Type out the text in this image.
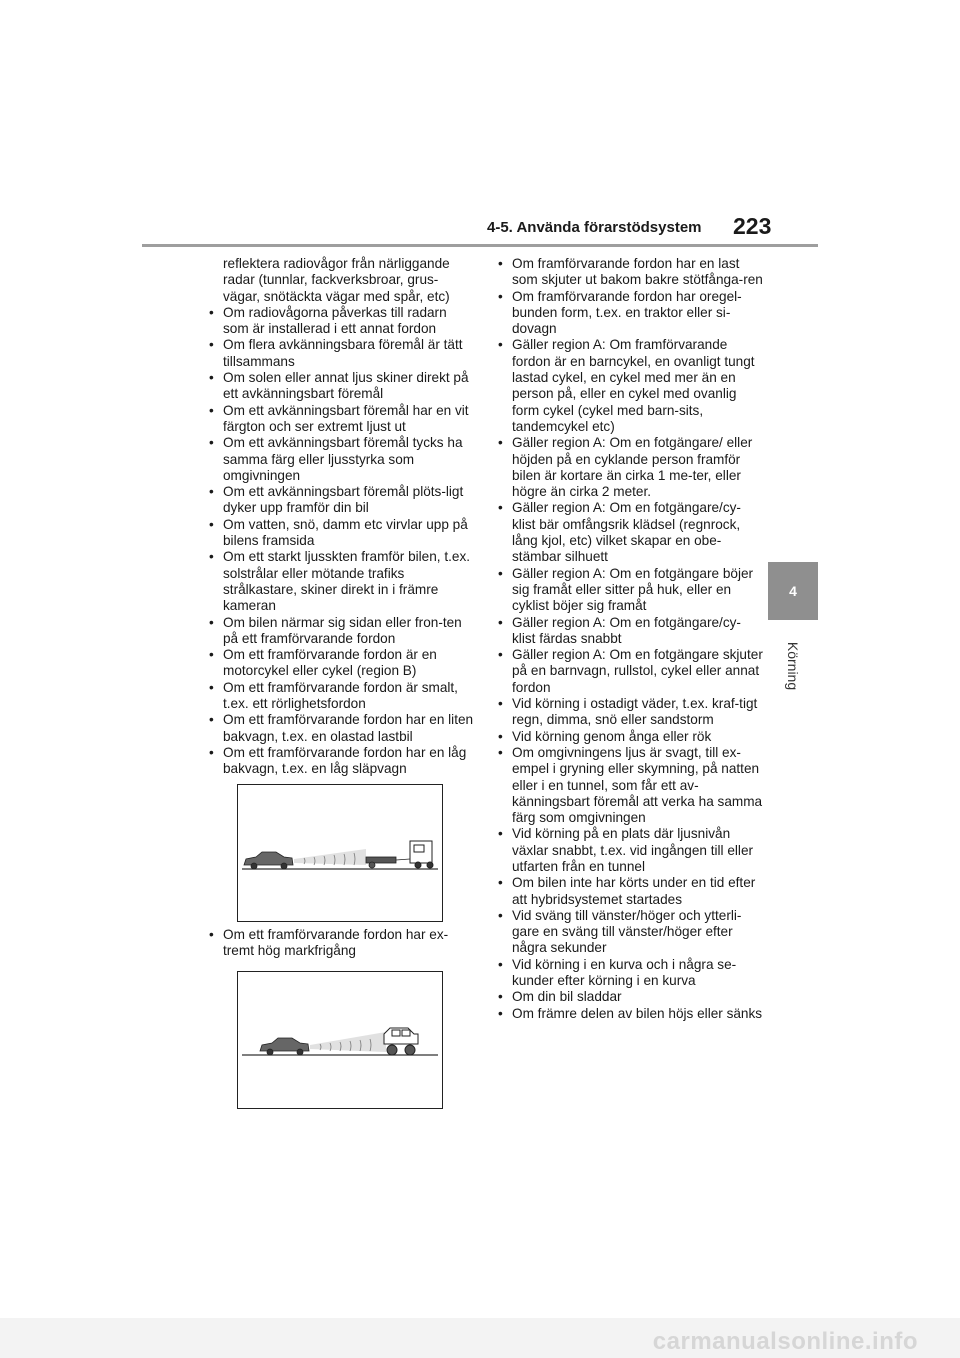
4-5. Använda förarstödsystem 223
4
Körning
reflektera radiovågor från närliggande radar (tunnlar, fackverksbroar, grus-vägar, snötäckta vägar med spår, etc)
• Om radiovågorna påverkas till radarn som är installerad i ett annat fordon
• Om flera avkänningsbara föremål är tätt tillsammans
• Om solen eller annat ljus skiner direkt på ett avkänningsbart föremål
• Om ett avkänningsbart föremål har en vit färgton och ser extremt ljust ut
• Om ett avkänningsbart föremål tycks ha samma färg eller ljusstyrka som omgivningen
• Om ett avkänningsbart föremål plöts-ligt dyker upp framför din bil
• Om vatten, snö, damm etc virvlar upp på bilens framsida
• Om ett starkt ljusskten framför bilen, t.ex. solstrålar eller mötande trafiks strålkastare, skiner direkt in i främre kameran
• Om bilen närmar sig sidan eller fron-ten på ett framförvarande fordon
• Om ett framförvarande fordon är en motorcykel eller cykel (region B)
• Om ett framförvarande fordon är smalt, t.ex. ett rörlighetsfordon
• Om ett framförvarande fordon har en liten bakvagn, t.ex. en olastad lastbil
• Om ett framförvarande fordon har en låg bakvagn, t.ex. en låg släpvagn
• Om ett framförvarande fordon har ex-tremt hög markfrigång
• Om framförvarande fordon har en last som skjuter ut bakom bakre stötfånga-ren
• Om framförvarande fordon har oregel-bunden form, t.ex. en traktor eller si-dovagn
• Gäller region A: Om framförvarande fordon är en barncykel, en ovanligt tungt lastad cykel, en cykel med mer än en person på, eller en cykel med ovanlig form cykel (cykel med barn-sits, tandemcykel etc)
• Gäller region A: Om en fotgängare/ eller höjden på en cyklande person framför bilen är kortare än cirka 1 me-ter, eller högre än cirka 2 meter.
• Gäller region A: Om en fotgängare/cy-klist bär omfångsrik klädsel (regnrock, lång kjol, etc) vilket skapar en obe-stämbar silhuett
• Gäller region A: Om en fotgängare böjer sig framåt eller sitter på huk, eller en cyklist böjer sig framåt
• Gäller region A: Om en fotgängare/cy-klist färdas snabbt
• Gäller region A: Om en fotgängare skjuter på en barnvagn, rullstol, cykel eller annat fordon
• Vid körning i ostadigt väder, t.ex. kraf-tigt regn, dimma, snö eller sandstorm
• Vid körning genom ånga eller rök
• Om omgivningens ljus är svagt, till ex-empel i gryning eller skymning, på natten eller i en tunnel, som får ett av-känningsbart föremål att verka ha samma färg som omgivningen
• Vid körning på en plats där ljusnivån växlar snabbt, t.ex. vid ingången till eller utfarten från en tunnel
• Om bilen inte har körts under en tid efter att hybridsystemet startades
• Vid sväng till vänster/höger och ytterli-gare en sväng till vänster/höger efter några sekunder
• Vid körning i en kurva och i några se-kunder efter körning i en kurva
• Om din bil sladdar
• Om främre delen av bilen höjs eller sänks
carmanualsonline.info
